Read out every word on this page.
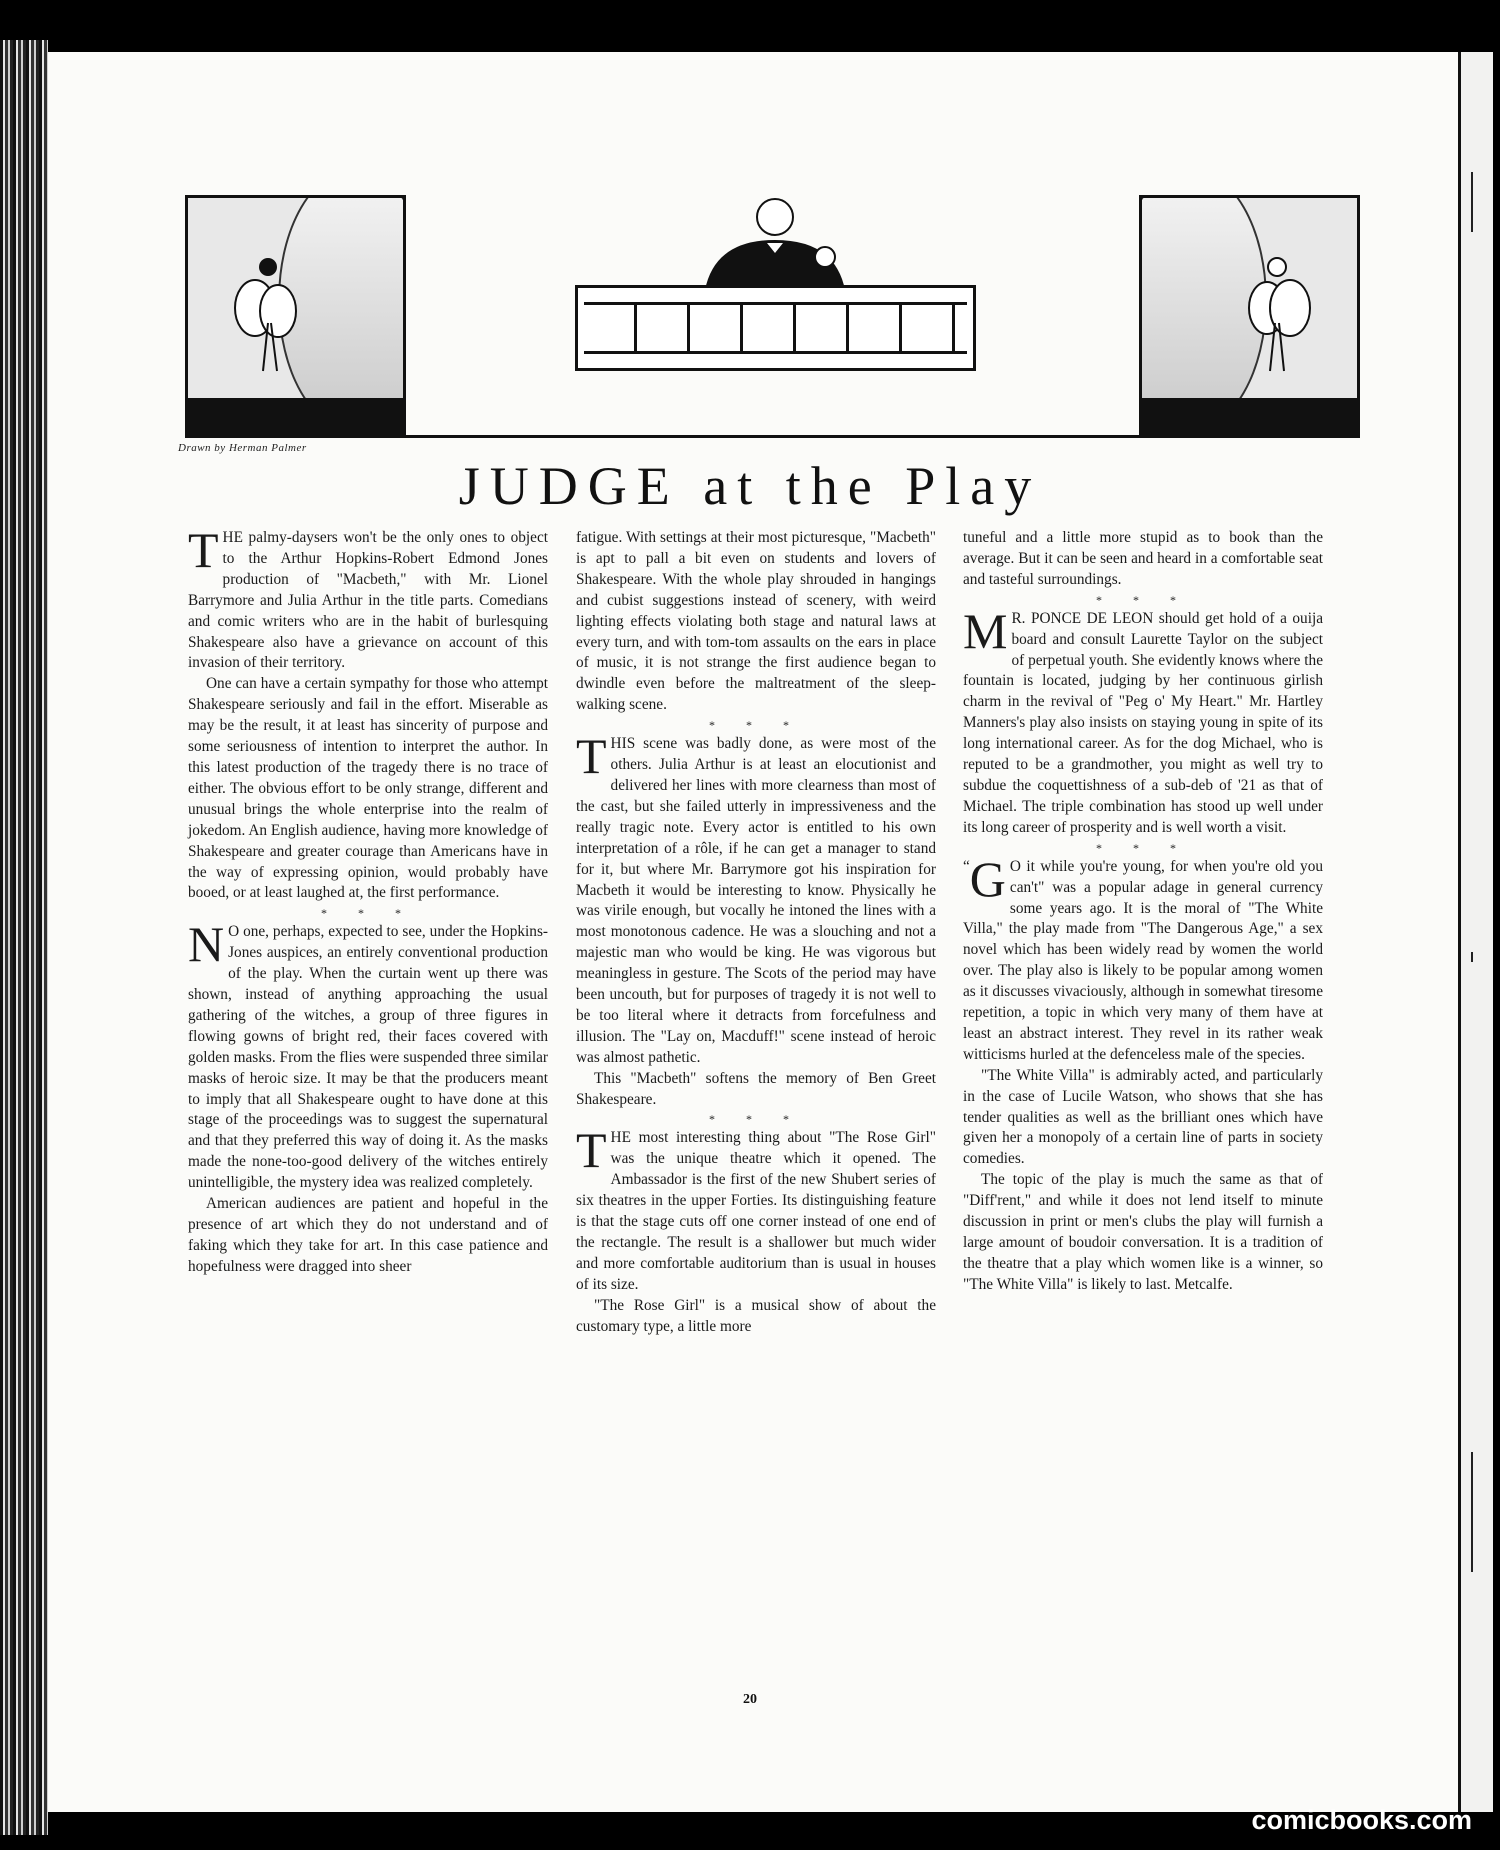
Drawn by Herman Palmer
JUDGE at the Play

THE palmy-daysers won't be the only ones to object to the Arthur Hopkins-Robert Edmond Jones production of "Macbeth," with Mr. Lionel Barrymore and Julia Arthur in the title parts. Comedians and comic writers who are in the habit of burlesquing Shakespeare also have a grievance on account of this invasion of their territory.

One can have a certain sympathy for those who attempt Shakespeare seriously and fail in the effort. Miserable as may be the result, it at least has sincerity of purpose and some seriousness of intention to interpret the author. In this latest production of the tragedy there is no trace of either. The obvious effort to be only strange, different and unusual brings the whole enterprise into the realm of jokedom. An English audience, having more knowledge of Shakespeare and greater courage than Americans have in the way of expressing opinion, would probably have booed, or at least laughed at, the first performance.

* * *

N O one, perhaps, expected to see, under the Hopkins-Jones auspices, an entirely conventional production of the play. When the curtain went up there was shown, instead of anything approaching the usual gathering of the witches, a group of three figures in flowing gowns of bright red, their faces covered with golden masks. From the flies were suspended three similar masks of heroic size. It may be that the producers meant to imply that all Shakespeare ought to have done at this stage of the proceedings was to suggest the supernatural and that they preferred this way of doing it. As the masks made the none-too-good delivery of the witches entirely unintelligible, the mystery idea was realized completely.

American audiences are patient and hopeful in the presence of art which they do not understand and of faking which they take for art. In this case patience and hopefulness were dragged into sheer

fatigue. With settings at their most picturesque, "Macbeth" is apt to pall a bit even on students and lovers of Shakespeare. With the whole play shrouded in hangings and cubist suggestions instead of scenery, with weird lighting effects violating both stage and natural laws at every turn, and with tom-tom assaults on the ears in place of music, it is not strange the first audience began to dwindle even before the maltreatment of the sleep-walking scene.

* * *

THIS scene was badly done, as were most of the others. Julia Arthur is at least an elocutionist and delivered her lines with more clearness than most of the cast, but she failed utterly in impressiveness and the really tragic note. Every actor is entitled to his own interpretation of a rôle, if he can get a manager to stand for it, but where Mr. Barrymore got his inspiration for Macbeth it would be interesting to know. Physically he was virile enough, but vocally he intoned the lines with a most monotonous cadence. He was a slouching and not a majestic man who would be king. He was vigorous but meaningless in gesture. The Scots of the period may have been uncouth, but for purposes of tragedy it is not well to be too literal where it detracts from forcefulness and illusion. The "Lay on, Macduff!" scene instead of heroic was almost pathetic.

This "Macbeth" softens the memory of Ben Greet Shakespeare.

* * *

THE most interesting thing about "The Rose Girl" was the unique theatre which it opened. The Ambassador is the first of the new Shubert series of six theatres in the upper Forties. Its distinguishing feature is that the stage cuts off one corner instead of one end of the rectangle. The result is a shallower but much wider and more comfortable auditorium than is usual in houses of its size.

"The Rose Girl" is a musical show of about the customary type, a little more

tuneful and a little more stupid as to book than the average. But it can be seen and heard in a comfortable seat and tasteful surroundings.

* * *

M R. PONCE DE LEON should get hold of a ouija board and consult Laurette Taylor on the subject of perpetual youth. She evidently knows where the fountain is located, judging by her continuous girlish charm in the revival of "Peg o' My Heart." Mr. Hartley Manners's play also insists on staying young in spite of its long international career. As for the dog Michael, who is reputed to be a grandmother, you might as well try to subdue the coquettishness of a sub-deb of '21 as that of Michael. The triple combination has stood up well under its long career of prosperity and is well worth a visit.

* * *

“ G O it while you're young, for when you're old you can't" was a popular adage in general currency some years ago. It is the moral of "The White Villa," the play made from "The Dangerous Age," a sex novel which has been widely read by women the world over. The play also is likely to be popular among women as it discusses vivaciously, although in somewhat tiresome repetition, a topic in which very many of them have at least an abstract interest. They revel in its rather weak witticisms hurled at the defenceless male of the species.

"The White Villa" is admirably acted, and particularly in the case of Lucile Watson, who shows that she has tender qualities as well as the brilliant ones which have given her a monopoly of a certain line of parts in society comedies.

The topic of the play is much the same as that of "Diff'rent," and while it does not lend itself to minute discussion in print or men's clubs the play will furnish a large amount of boudoir conversation. It is a tradition of the theatre that a play which women like is a winner, so "The White Villa" is likely to last. Metcalfe.

20
comicbooks.com
